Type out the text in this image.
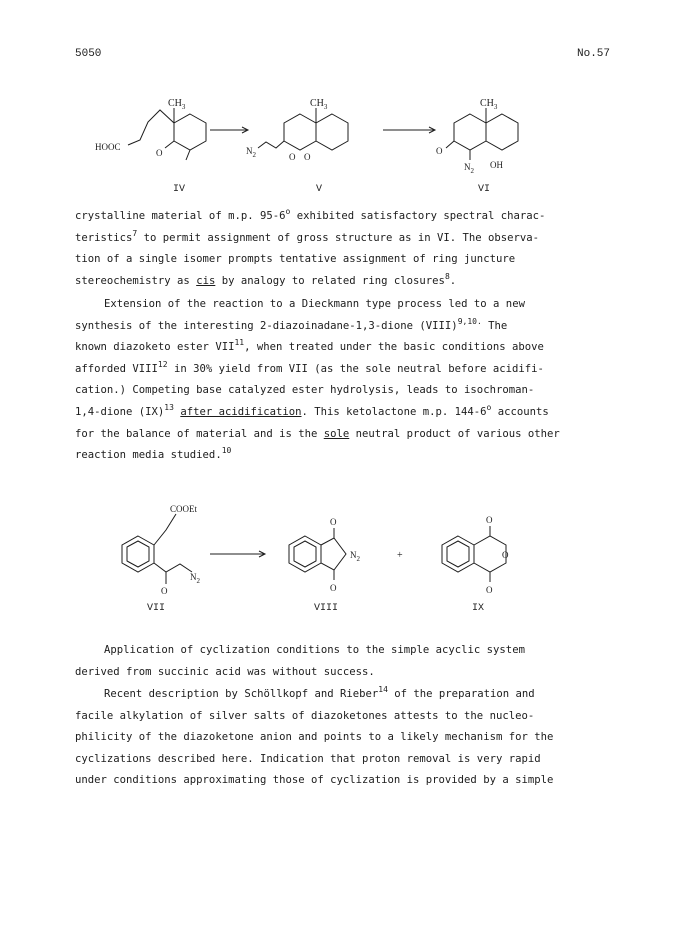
5050	No.57
$CH_3$
HOOC
O
$CH_3$
$N_2$	O O
$CH_3$
O
$N_2$
OH
IV	V	VI
crystalline material of m.p. 95-6$^o$ exhibited satisfactory spectral charac-
teristics$^7$ to permit assignment of gross structure as in VI. The observa-
tion of a single isomer prompts tentative assignment of ring juncture
stereochemistry as cis by analogy to related ring closures$^8$.
Extension of the reaction to a Dieckmann type process led to a new
synthesis of the interesting 2-diazoinadane-1,3-dione (VIII)$^{9,10.}$ The
known diazoketo ester VII$^{11}$, when treated under the basic conditions above
afforded VIII$^{12}$ in 30% yield from VII (as the sole neutral before acidifi-
cation.) Competing base catalyzed ester hydrolysis, leads to isochroman-
1,4-dione (IX)$^{13}$ after acidification. This ketolactone m.p. 144-6$^o$ accounts
for the balance of material and is the sole neutral product of various other
reaction media studied.$^{10}$
COOEt
O
$N_2$
O
O
$N_2$	+
O
O
O
VII	VIII	IX
Application of cyclization conditions to the simple acyclic system
derived from succinic acid was without success.
Recent description by Schöllkopf and Rieber$^{14}$ of the preparation and
facile alkylation of silver salts of diazoketones attests to the nucleo-
philicity of the diazoketone anion and points to a likely mechanism for the
cyclizations described here. Indication that proton removal is very rapid
under conditions approximating those of cyclization is provided by a simple
